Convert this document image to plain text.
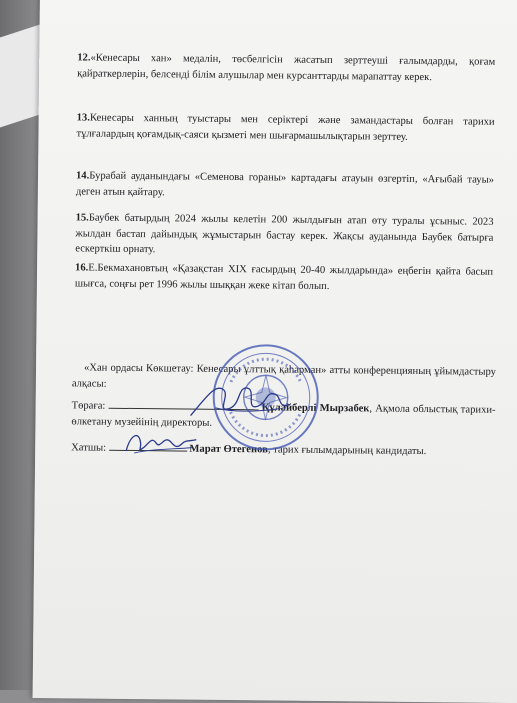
12.«Кенесары хан» медалін, төсбелгісін жасатып зерттеуші ғалымдарды, қоғам қайраткерлерін, белсенді білім алушылар мен курсанттарды марапаттау керек.
13.Кенесары ханның туыстары мен серіктері және замандастары болған тарихи тұлғалардың қоғамдық-саяси қызметі мен шығармашылықтарын зерттеу.
14.Бурабай ауданындағы «Семенова гораны» картадағы атауын өзгертіп, «Ағыбай тауы» деген атын қайтару.
15.Баубек батырдың 2024 жылы келетін 200 жылдығын атап өту туралы ұсыныс. 2023 жылдан бастап дайындық жұмыстарын бастау керек. Жақсы ауданында Баубек батырға ескерткіш орнату.
16.Е.Бекмахановтың «Қазақстан XIX ғасырдың 20-40 жылдарында» еңбегін қайта басып шығса, соңғы рет 1996 жылы шыққан жеке кітап болып.
«Хан ордасы Көкшетау: Кенесары ұлттық қаһарман» атты конференцияның ұйымдастыру алқасы:
Төраға:	Құлайберлі Мырзабек, Ақмола облыстық тарихи-өлкетану музейінің директоры.
Хатшы:	Марат Өтегенов, тарих ғылымдарының кандидаты.
